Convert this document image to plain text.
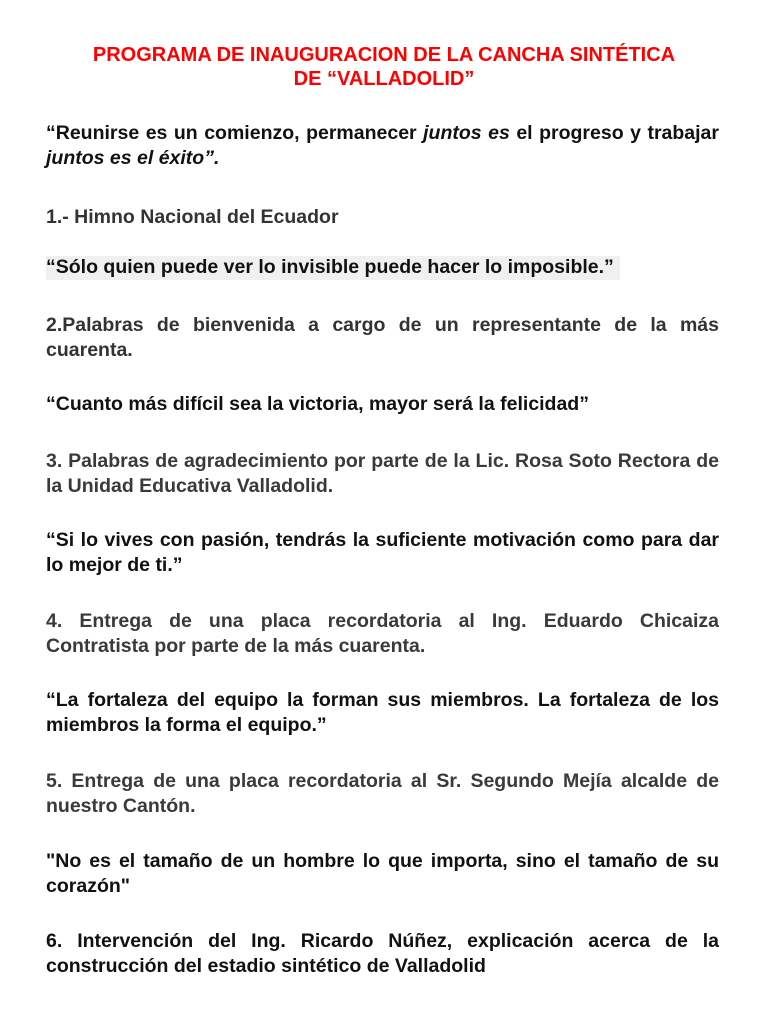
PROGRAMA DE INAUGURACION DE LA CANCHA SINTÉTICA
DE “VALLADOLID”
“Reunirse es un comienzo, permanecer juntos es el progreso y trabajar juntos es el éxito”.
1.- Himno Nacional del Ecuador
“Sólo quien puede ver lo invisible puede hacer lo imposible.”
2.Palabras de bienvenida a cargo de un representante de la más cuarenta.
“Cuanto más difícil sea la victoria, mayor será la felicidad”
3. Palabras de agradecimiento por parte de la Lic. Rosa Soto Rectora de la Unidad Educativa Valladolid.
“Si lo vives con pasión, tendrás la suficiente motivación como para dar lo mejor de ti.”
4. Entrega de una placa recordatoria al Ing. Eduardo Chicaiza Contratista por parte de la más cuarenta.
“La fortaleza del equipo la forman sus miembros. La fortaleza de los miembros la forma el equipo.”
5. Entrega de una placa recordatoria al Sr. Segundo Mejía alcalde de nuestro Cantón.
"No es el tamaño de un hombre lo que importa, sino el tamaño de su corazón"
6. Intervención del Ing. Ricardo Núñez, explicación acerca de la construcción del estadio sintético de Valladolid
